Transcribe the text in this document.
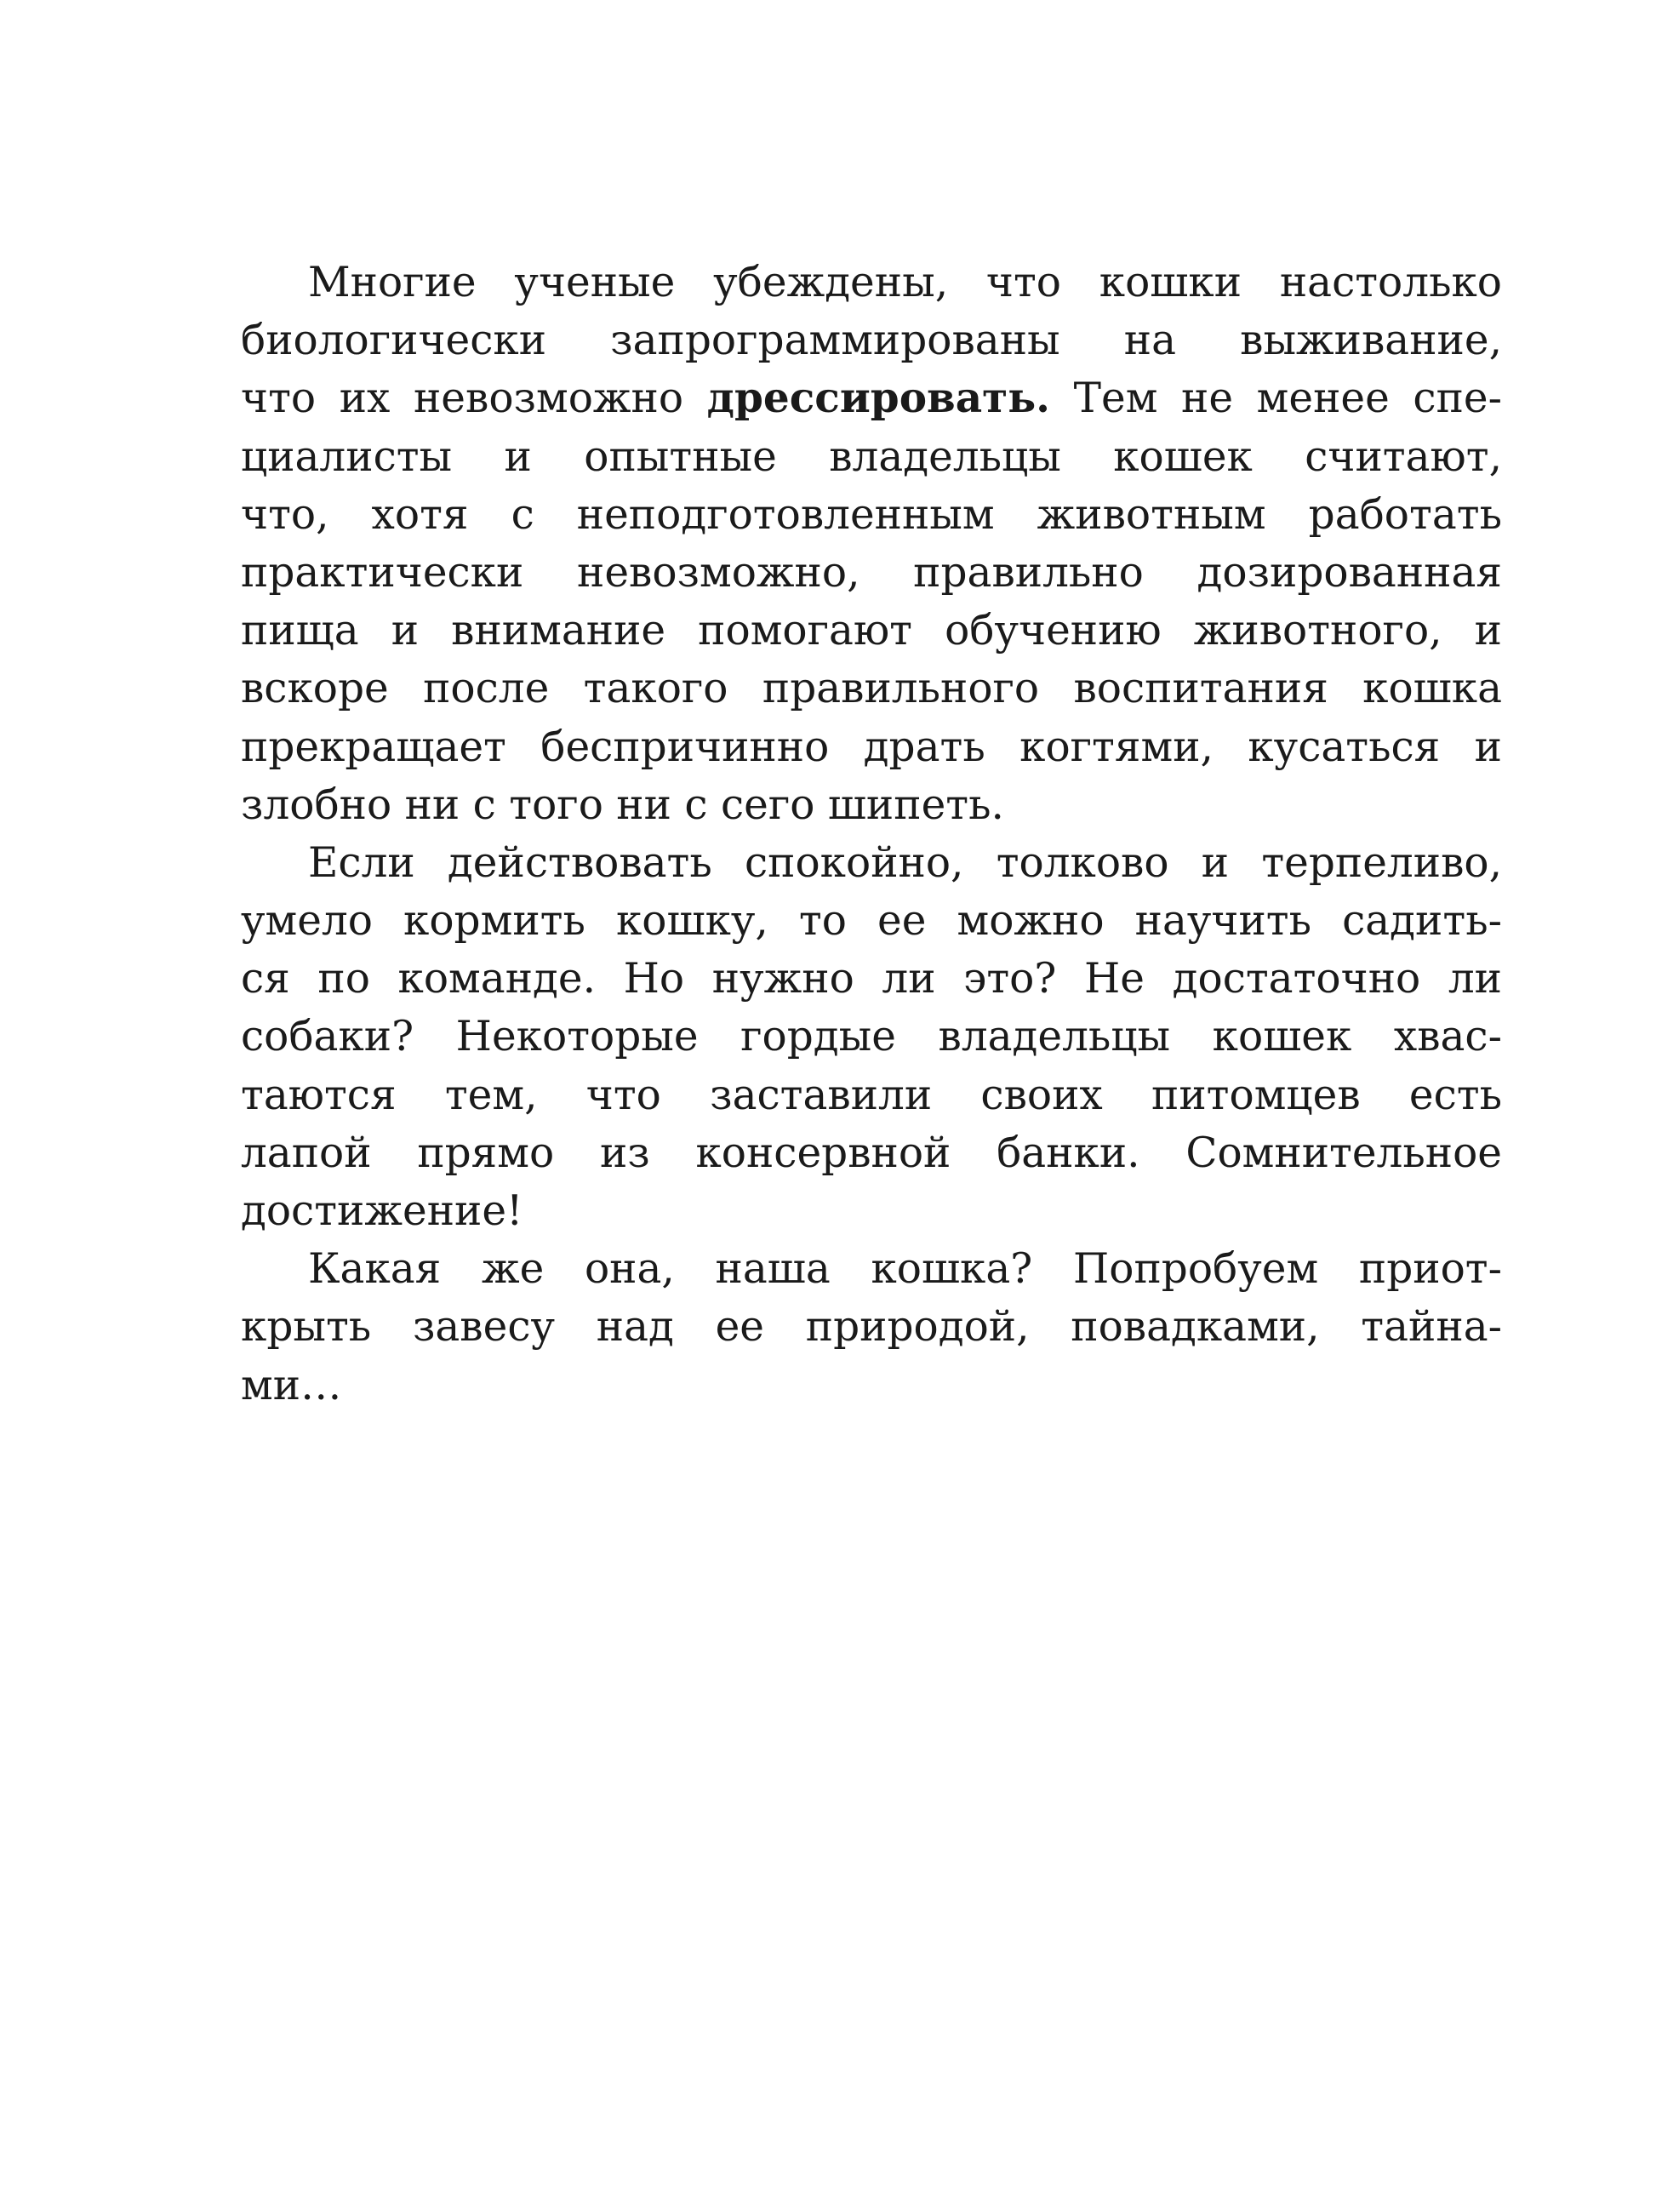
Многие ученые убеждены, что кошки настолько
биологически запрограммированы на выживание,
что их невозможно дрессировать. Тем не менее спе-
циалисты и опытные владельцы кошек считают,
что, хотя с неподготовленным животным работать
практически невозможно, правильно дозированная
пища и внимание помогают обучению животного, и
вскоре после такого правильного воспитания кошка
прекращает беспричинно драть когтями, кусаться и
злобно ни с того ни с сего шипеть.
Если действовать спокойно, толково и терпеливо,
умело кормить кошку, то ее можно научить садить-
ся по команде. Но нужно ли это? Не достаточно ли
собаки? Некоторые гордые владельцы кошек хвас-
таются тем, что заставили своих питомцев есть
лапой прямо из консервной банки. Сомнительное
достижение!
Какая же она, наша кошка? Попробуем приот-
крыть завесу над ее природой, повадками, тайна-
ми…
